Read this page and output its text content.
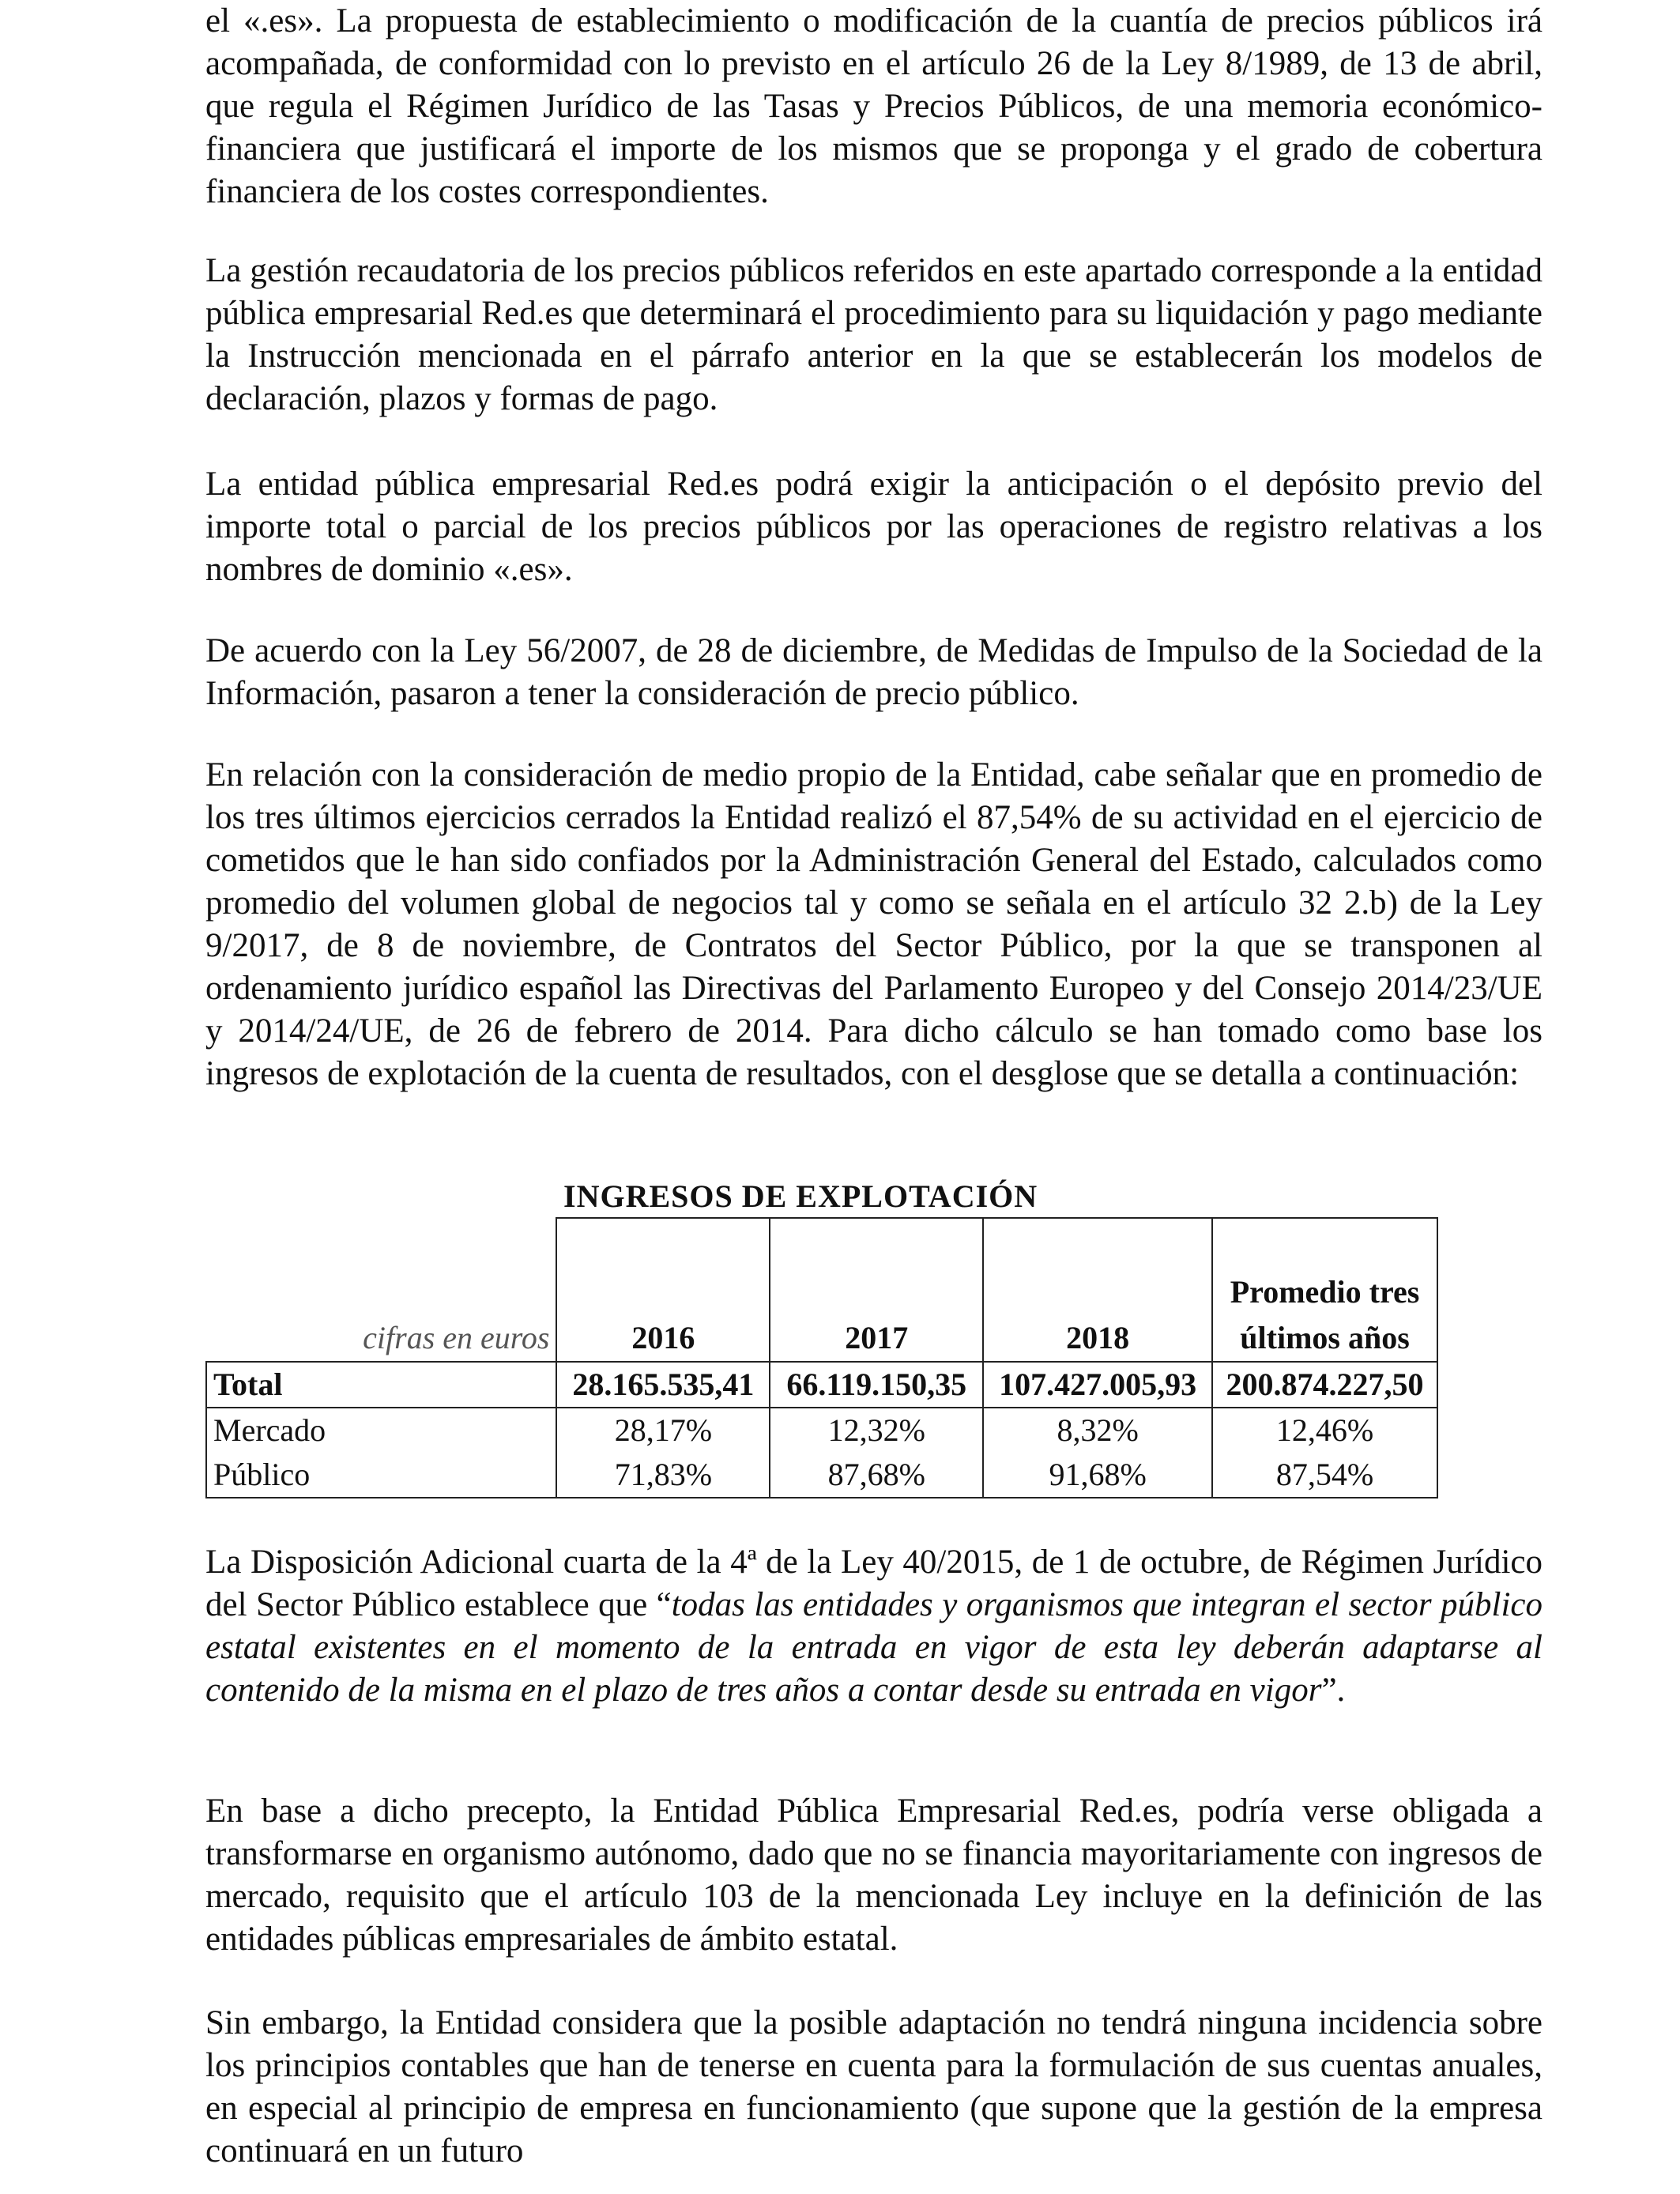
el «.es». La propuesta de establecimiento o modificación de la cuantía de precios públicos irá acompañada, de conformidad con lo previsto en el artículo 26 de la Ley 8/1989, de 13 de abril, que regula el Régimen Jurídico de las Tasas y Precios Públicos, de una memoria económico-financiera que justificará el importe de los mismos que se proponga y el grado de cobertura financiera de los costes correspondientes.

La gestión recaudatoria de los precios públicos referidos en este apartado corresponde a la entidad pública empresarial Red.es que determinará el procedimiento para su liquidación y pago mediante la Instrucción mencionada en el párrafo anterior en la que se establecerán los modelos de declaración, plazos y formas de pago.

La entidad pública empresarial Red.es podrá exigir la anticipación o el depósito previo del importe total o parcial de los precios públicos por las operaciones de registro relativas a los nombres de dominio «.es».

De acuerdo con la Ley 56/2007, de 28 de diciembre, de Medidas de Impulso de la Sociedad de la Información, pasaron a tener la consideración de precio público.

En relación con la consideración de medio propio de la Entidad, cabe señalar que en promedio de los tres últimos ejercicios cerrados la Entidad realizó el 87,54% de su actividad en el ejercicio de cometidos que le han sido confiados por la Administración General del Estado, calculados como promedio del volumen global de negocios tal y como se señala en el artículo 32 2.b) de la Ley 9/2017, de 8 de noviembre, de Contratos del Sector Público, por la que se transponen al ordenamiento jurídico español las Directivas del Parlamento Europeo y del Consejo 2014/23/UE y 2014/24/UE, de 26 de febrero de 2014. Para dicho cálculo se han tomado como base los ingresos de explotación de la cuenta de resultados, con el desglose que se detalla a continuación:

INGRESOS DE EXPLOTACIÓN

cifras en euros	2016	2017	2018	Promedio tres
últimos años

Total	28.165.535,41	66.119.150,35	107.427.005,93	200.874.227,50
Mercado	28,17%	12,32%	8,32%	12,46%
Público	71,83%	87,68%	91,68%	87,54%

La Disposición Adicional cuarta de la 4ª de la Ley 40/2015, de 1 de octubre, de Régimen Jurídico del Sector Público establece que “todas las entidades y organismos que integran el sector público estatal existentes en el momento de la entrada en vigor de esta ley deberán adaptarse al contenido de la misma en el plazo de tres años a contar desde su entrada en vigor”.

En base a dicho precepto, la Entidad Pública Empresarial Red.es, podría verse obligada a transformarse en organismo autónomo, dado que no se financia mayoritariamente con ingresos de mercado, requisito que el artículo 103 de la mencionada Ley incluye en la definición de las entidades públicas empresariales de ámbito estatal.

Sin embargo, la Entidad considera que la posible adaptación no tendrá ninguna incidencia sobre los principios contables que han de tenerse en cuenta para la formulación de sus cuentas anuales, en especial al principio de empresa en funcionamiento (que supone que la gestión de la empresa continuará en un futuro
